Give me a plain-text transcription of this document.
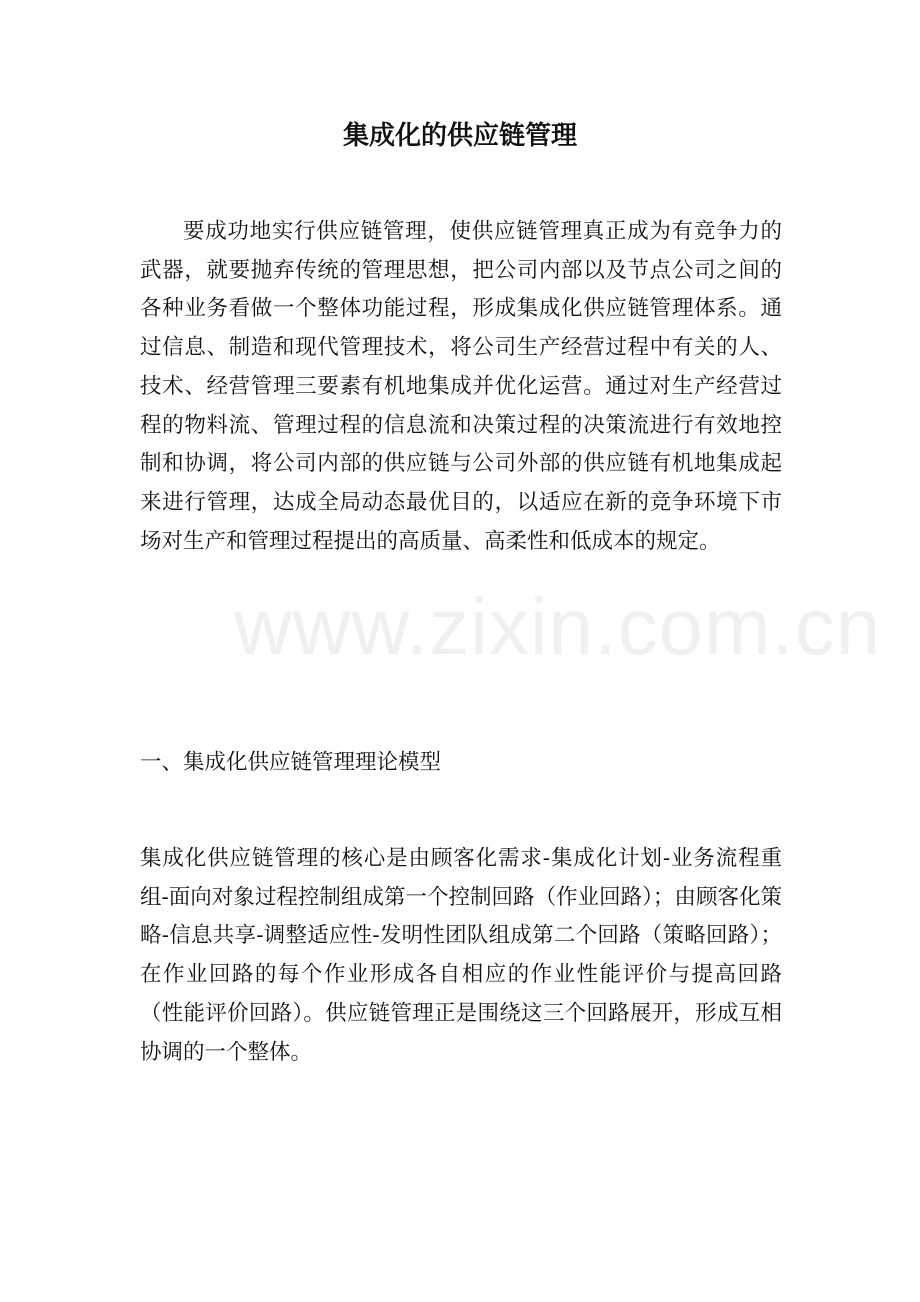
集成化的供应链管理

要成功地实行供应链管理，使供应链管理真正成为有竞争力的武器，就要抛弃传统的管理思想，把公司内部以及节点公司之间的各种业务看做一个整体功能过程，形成集成化供应链管理体系。通过信息、制造和现代管理技术，将公司生产经营过程中有关的人、技术、经营管理三要素有机地集成并优化运营。通过对生产经营过程的物料流、管理过程的信息流和决策过程的决策流进行有效地控制和协调，将公司内部的供应链与公司外部的供应链有机地集成起来进行管理，达成全局动态最优目的，以适应在新的竞争环境下市场对生产和管理过程提出的高质量、高柔性和低成本的规定。

www.zixin.com.cn

一、集成化供应链管理理论模型

集成化供应链管理的核心是由顾客化需求-集成化计划-业务流程重组-面向对象过程控制组成第一个控制回路（作业回路）；由顾客化策略-信息共享-调整适应性-发明性团队组成第二个回路（策略回路）；在作业回路的每个作业形成各自相应的作业性能评价与提高回路（性能评价回路）。供应链管理正是围绕这三个回路展开，形成互相协调的一个整体。
